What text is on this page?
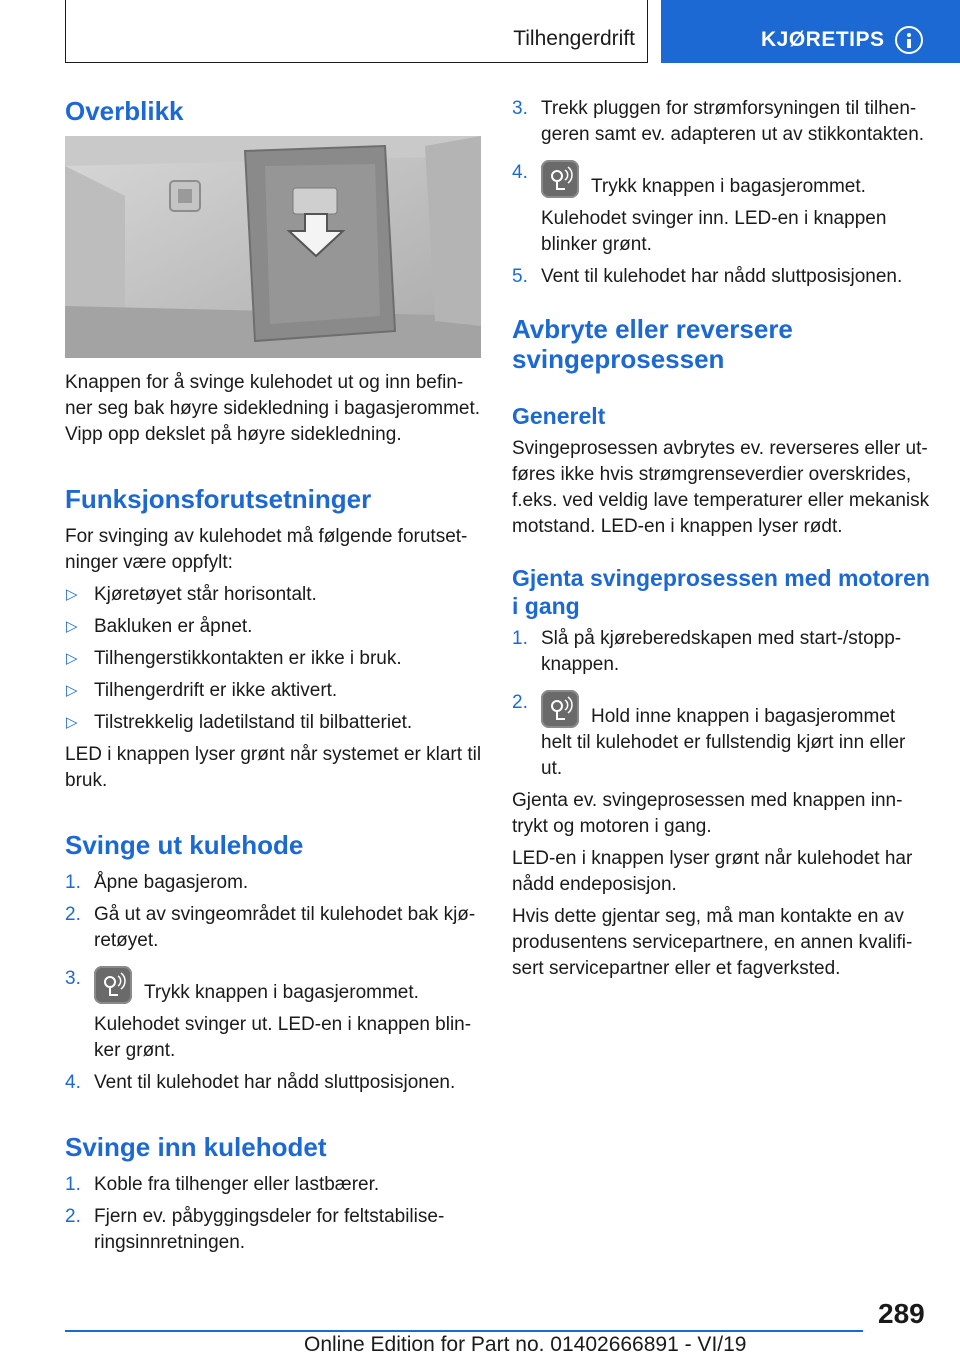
Tilhengerdrift	KJØRETIPS
Overblikk

Knappen for å svinge kulehodet ut og inn befin-ner seg bak høyre sidekledning i bagasjerommet. Vipp opp dekslet på høyre sidekledning.

Funksjonsforutsetninger

For svinging av kulehodet må følgende forutset-ninger være oppfylt:

▷ Kjøretøyet står horisontalt.
▷ Bakluken er åpnet.
▷ Tilhengerstikkontakten er ikke i bruk.
▷ Tilhengerdrift er ikke aktivert.
▷ Tilstrekkelig ladetilstand til bilbatteriet.

LED i knappen lyser grønt når systemet er klart til bruk.

Svinge ut kulehode
1. Åpne bagasjerom.
2. Gå ut av svingeområdet til kulehodet bak kjø-retøyet.
3.
Trykk knappen i bagasjerommet.
Kulehodet svinger ut. LED-en i knappen blin-ker grønt.
4. Vent til kulehodet har nådd sluttposisjonen.
Svinge inn kulehodet
1. Koble fra tilhenger eller lastbærer.
2. Fjern ev. påbyggingsdeler for feltstabilise-ringsinnretningen.
3. Trekk pluggen for strømforsyningen til tilhen-geren samt ev. adapteren ut av stikkontakten.
4.
Trykk knappen i bagasjerommet.
Kulehodet svinger inn. LED-en i knappen blinker grønt.
5. Vent til kulehodet har nådd sluttposisjonen.
Avbryte eller reversere svingeprosessen
Generelt

Svingeprosessen avbrytes ev. reverseres eller ut-føres ikke hvis strømgrenseverdier overskrides, f.eks. ved veldig lave temperaturer eller mekanisk motstand. LED-en i knappen lyser rødt.

Gjenta svingeprosessen med motoren i gang
1. Slå på kjøreberedskapen med start-/stopp-knappen.
2.
Hold inne knappen i bagasjerommet helt til kulehodet er fullstendig kjørt inn eller ut.

Gjenta ev. svingeprosessen med knappen inn-trykt og motoren i gang.

LED-en i knappen lyser grønt når kulehodet har nådd endeposisjon.

Hvis dette gjentar seg, må man kontakte en av produsentens servicepartnere, en annen kvalifi-sert servicepartner eller et fagverksted.

289
Online Edition for Part no. 01402666891 - VI/19
